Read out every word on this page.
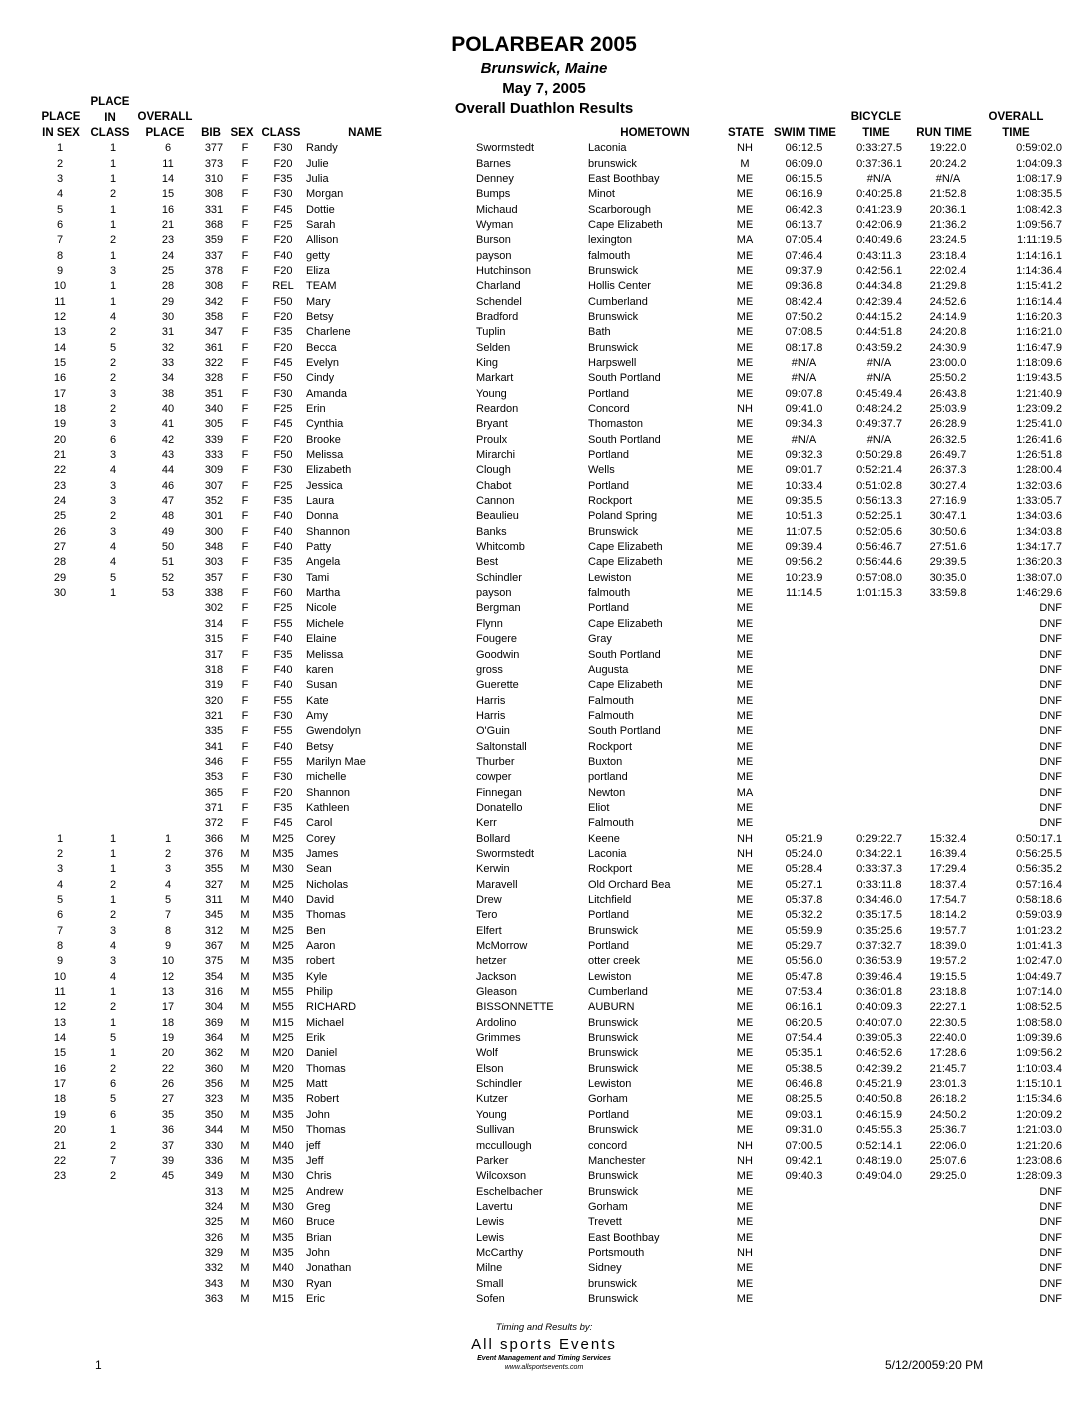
POLARBEAR 2005
Brunswick, Maine
May 7, 2005
Overall Duathlon Results
PLACE
IN SEX
PLACE
IN
CLASS
OVERALL
PLACE	BIB SEX CLASS	NAME	HOMETOWN	STATE SWIM TIME
BICYCLE
TIME	RUN TIME
OVERALL
TIME
1	1	6	377	F	F30	Randy	Swormstedt	Laconia	NH	06:12.5	0:33:27.5	19:22.0	0:59:02.0
2	1	11	373	F	F20	Julie	Barnes	brunswick	M	06:09.0	0:37:36.1	20:24.2	1:04:09.3
3	1	14	310	F	F35	Julia	Denney	East Boothbay	ME	06:15.5	#N/A	#N/A	1:08:17.9
4	2	15	308	F	F30	Morgan	Bumps	Minot	ME	06:16.9	0:40:25.8	21:52.8	1:08:35.5
5	1	16	331	F	F45	Dottie	Michaud	Scarborough	ME	06:42.3	0:41:23.9	20:36.1	1:08:42.3
6	1	21	368	F	F25	Sarah	Wyman	Cape Elizabeth	ME	06:13.7	0:42:06.9	21:36.2	1:09:56.7
7	2	23	359	F	F20	Allison	Burson	lexington	MA	07:05.4	0:40:49.6	23:24.5	1:11:19.5
8	1	24	337	F	F40	getty	payson	falmouth	ME	07:46.4	0:43:11.3	23:18.4	1:14:16.1
9	3	25	378	F	F20	Eliza	Hutchinson	Brunswick	ME	09:37.9	0:42:56.1	22:02.4	1:14:36.4
10	1	28	308	F	REL	TEAM	Charland	Hollis Center	ME	09:36.8	0:44:34.8	21:29.8	1:15:41.2
11	1	29	342	F	F50	Mary	Schendel	Cumberland	ME	08:42.4	0:42:39.4	24:52.6	1:16:14.4
12	4	30	358	F	F20	Betsy	Bradford	Brunswick	ME	07:50.2	0:44:15.2	24:14.9	1:16:20.3
13	2	31	347	F	F35	Charlene	Tuplin	Bath	ME	07:08.5	0:44:51.8	24:20.8	1:16:21.0
14	5	32	361	F	F20	Becca	Selden	Brunswick	ME	08:17.8	0:43:59.2	24:30.9	1:16:47.9
15	2	33	322	F	F45	Evelyn	King	Harpswell	ME	#N/A	#N/A	23:00.0	1:18:09.6
16	2	34	328	F	F50	Cindy	Markart	South Portland	ME	#N/A	#N/A	25:50.2	1:19:43.5
17	3	38	351	F	F30	Amanda	Young	Portland	ME	09:07.8	0:45:49.4	26:43.8	1:21:40.9
18	2	40	340	F	F25	Erin	Reardon	Concord	NH	09:41.0	0:48:24.2	25:03.9	1:23:09.2
19	3	41	305	F	F45	Cynthia	Bryant	Thomaston	ME	09:34.3	0:49:37.7	26:28.9	1:25:41.0
20	6	42	339	F	F20	Brooke	Proulx	South Portland	ME	#N/A	#N/A	26:32.5	1:26:41.6
21	3	43	333	F	F50	Melissa	Mirarchi	Portland	ME	09:32.3	0:50:29.8	26:49.7	1:26:51.8
22	4	44	309	F	F30	Elizabeth	Clough	Wells	ME	09:01.7	0:52:21.4	26:37.3	1:28:00.4
23	3	46	307	F	F25	Jessica	Chabot	Portland	ME	10:33.4	0:51:02.8	30:27.4	1:32:03.6
24	3	47	352	F	F35	Laura	Cannon	Rockport	ME	09:35.5	0:56:13.3	27:16.9	1:33:05.7
25	2	48	301	F	F40	Donna	Beaulieu	Poland Spring	ME	10:51.3	0:52:25.1	30:47.1	1:34:03.6
26	3	49	300	F	F40	Shannon	Banks	Brunswick	ME	11:07.5	0:52:05.6	30:50.6	1:34:03.8
27	4	50	348	F	F40	Patty	Whitcomb	Cape Elizabeth	ME	09:39.4	0:56:46.7	27:51.6	1:34:17.7
28	4	51	303	F	F35	Angela	Best	Cape Elizabeth	ME	09:56.2	0:56:44.6	29:39.5	1:36:20.3
29	5	52	357	F	F30	Tami	Schindler	Lewiston	ME	10:23.9	0:57:08.0	30:35.0	1:38:07.0
30	1	53	338	F	F60	Martha	payson	falmouth	ME	11:14.5	1:01:15.3	33:59.8	1:46:29.6
			302	F	F25	Nicole	Bergman	Portland	ME				DNF
			314	F	F55	Michele	Flynn	Cape Elizabeth	ME				DNF
			315	F	F40	Elaine	Fougere	Gray	ME				DNF
			317	F	F35	Melissa	Goodwin	South Portland	ME				DNF
			318	F	F40	karen	gross	Augusta	ME				DNF
			319	F	F40	Susan	Guerette	Cape Elizabeth	ME				DNF
			320	F	F55	Kate	Harris	Falmouth	ME				DNF
			321	F	F30	Amy	Harris	Falmouth	ME				DNF
			335	F	F55	Gwendolyn	O'Guin	South Portland	ME				DNF
			341	F	F40	Betsy	Saltonstall	Rockport	ME				DNF
			346	F	F55	Marilyn Mae	Thurber	Buxton	ME				DNF
			353	F	F30	michelle	cowper	portland	ME				DNF
			365	F	F20	Shannon	Finnegan	Newton	MA				DNF
			371	F	F35	Kathleen	Donatello	Eliot	ME				DNF
			372	F	F45	Carol	Kerr	Falmouth	ME				DNF
1	1	1	366	M	M25	Corey	Bollard	Keene	NH	05:21.9	0:29:22.7	15:32.4	0:50:17.1
2	1	2	376	M	M35	James	Swormstedt	Laconia	NH	05:24.0	0:34:22.1	16:39.4	0:56:25.5
3	1	3	355	M	M30	Sean	Kerwin	Rockport	ME	05:28.4	0:33:37.3	17:29.4	0:56:35.2
4	2	4	327	M	M25	Nicholas	Maravell	Old Orchard Bea	ME	05:27.1	0:33:11.8	18:37.4	0:57:16.4
5	1	5	311	M	M40	David	Drew	Litchfield	ME	05:37.8	0:34:46.0	17:54.7	0:58:18.6
6	2	7	345	M	M35	Thomas	Tero	Portland	ME	05:32.2	0:35:17.5	18:14.2	0:59:03.9
7	3	8	312	M	M25	Ben	Elfert	Brunswick	ME	05:59.9	0:35:25.6	19:57.7	1:01:23.2
8	4	9	367	M	M25	Aaron	McMorrow	Portland	ME	05:29.7	0:37:32.7	18:39.0	1:01:41.3
9	3	10	375	M	M35	robert	hetzer	otter creek	ME	05:56.0	0:36:53.9	19:57.2	1:02:47.0
10	4	12	354	M	M35	Kyle	Jackson	Lewiston	ME	05:47.8	0:39:46.4	19:15.5	1:04:49.7
11	1	13	316	M	M55	Philip	Gleason	Cumberland	ME	07:53.4	0:36:01.8	23:18.8	1:07:14.0
12	2	17	304	M	M55	RICHARD	BISSONNETTE	AUBURN	ME	06:16.1	0:40:09.3	22:27.1	1:08:52.5
13	1	18	369	M	M15	Michael	Ardolino	Brunswick	ME	06:20.5	0:40:07.0	22:30.5	1:08:58.0
14	5	19	364	M	M25	Erik	Grimmes	Brunswick	ME	07:54.4	0:39:05.3	22:40.0	1:09:39.6
15	1	20	362	M	M20	Daniel	Wolf	Brunswick	ME	05:35.1	0:46:52.6	17:28.6	1:09:56.2
16	2	22	360	M	M20	Thomas	Elson	Brunswick	ME	05:38.5	0:42:39.2	21:45.7	1:10:03.4
17	6	26	356	M	M25	Matt	Schindler	Lewiston	ME	06:46.8	0:45:21.9	23:01.3	1:15:10.1
18	5	27	323	M	M35	Robert	Kutzer	Gorham	ME	08:25.5	0:40:50.8	26:18.2	1:15:34.6
19	6	35	350	M	M35	John	Young	Portland	ME	09:03.1	0:46:15.9	24:50.2	1:20:09.2
20	1	36	344	M	M50	Thomas	Sullivan	Brunswick	ME	09:31.0	0:45:55.3	25:36.7	1:21:03.0
21	2	37	330	M	M40	jeff	mccullough	concord	NH	07:00.5	0:52:14.1	22:06.0	1:21:20.6
22	7	39	336	M	M35	Jeff	Parker	Manchester	NH	09:42.1	0:48:19.0	25:07.6	1:23:08.6
23	2	45	349	M	M30	Chris	Wilcoxson	Brunswick	ME	09:40.3	0:49:04.0	29:25.0	1:28:09.3
			313	M	M25	Andrew	Eschelbacher	Brunswick	ME				DNF
			324	M	M30	Greg	Lavertu	Gorham	ME				DNF
			325	M	M60	Bruce	Lewis	Trevett	ME				DNF
			326	M	M35	Brian	Lewis	East Boothbay	ME				DNF
			329	M	M35	John	McCarthy	Portsmouth	NH				DNF
			332	M	M40	Jonathan	Milne	Sidney	ME				DNF
			343	M	M30	Ryan	Small	brunswick	ME				DNF
			363	M	M15	Eric	Sofen	Brunswick	ME				DNF
Timing and Results by:
All sports Events
Event Management and Timing Services
www.allsportsevents.com
1	5/12/20059:20 PM
